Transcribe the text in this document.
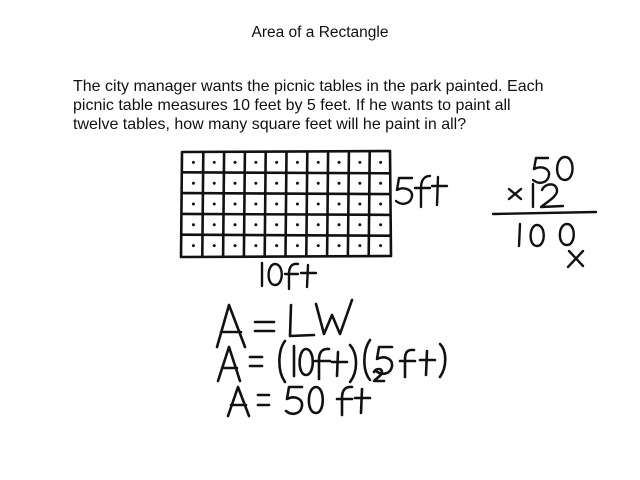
Area of a Rectangle
The city manager wants the picnic tables in the park painted. Each
picnic table measures 10 feet by 5 feet. If he wants to paint all
twelve tables, how many square feet will he paint in all?
